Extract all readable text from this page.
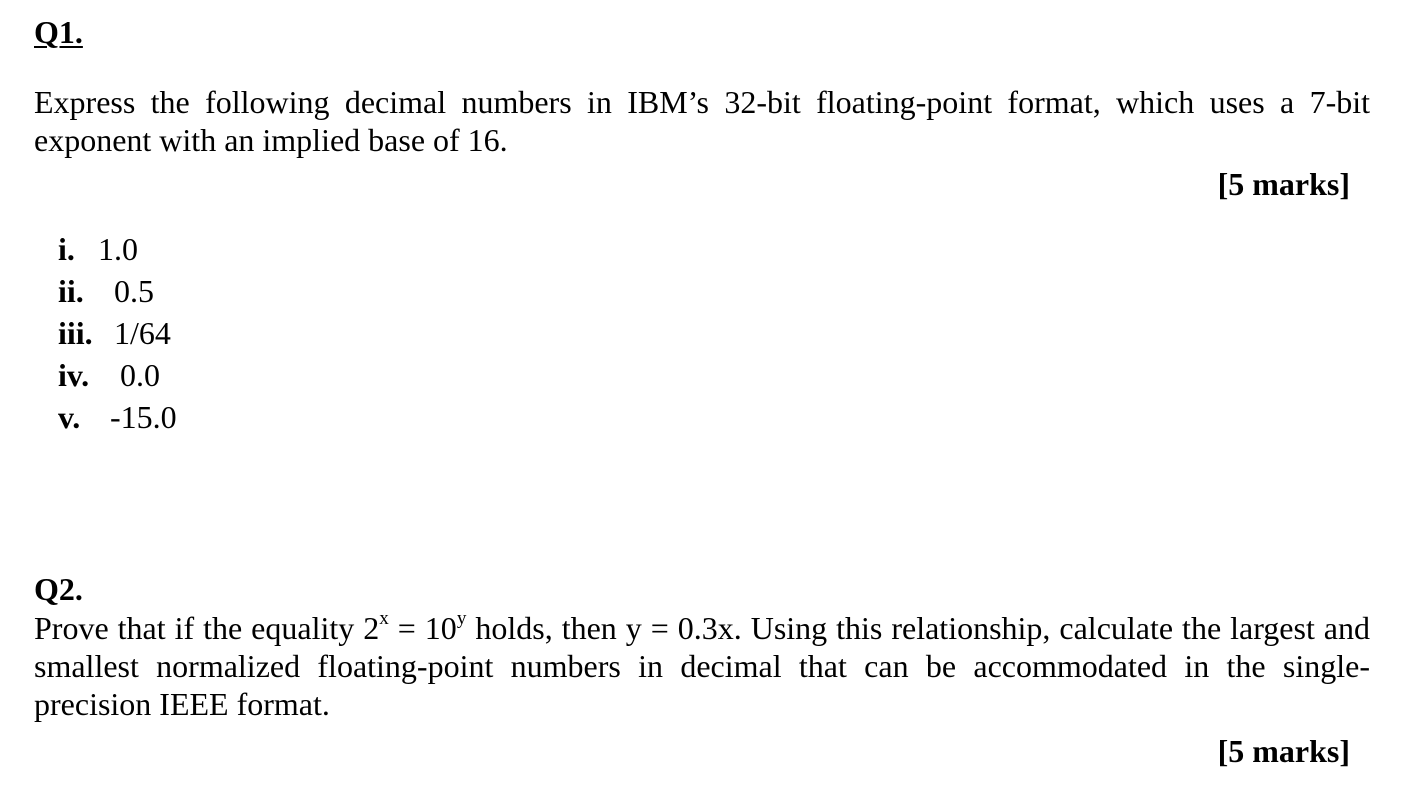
Q1.

Express the following decimal numbers in IBM’s 32-bit floating-point format, which uses a 7-bit exponent with an implied base of 16.

[5 marks]
i. 1.0
ii. 0.5
iii. 1/64
iv. 0.0
v. -15.0
Q2.

Prove that if the equality $2^x = 10^y$ holds, then y = 0.3x. Using this relationship, calculate the largest and smallest normalized floating-point numbers in decimal that can be accommodated in the single-precision IEEE format.

[5 marks]
